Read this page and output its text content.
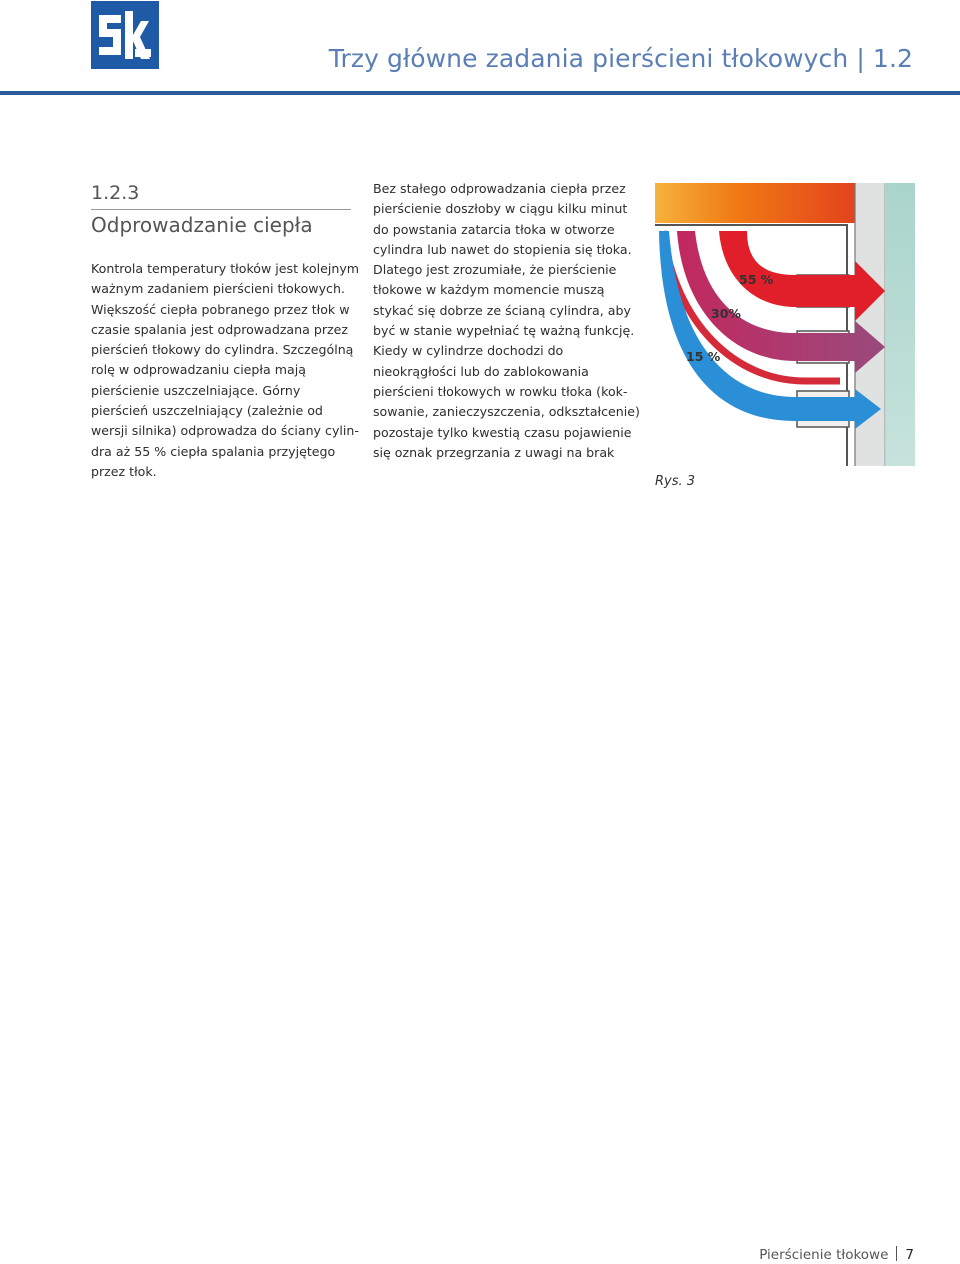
Trzy główne zadania pierścieni tłokowych | 1.2
1.2.3
Odprowadzanie ciepła
Kontrola temperatury tłoków jest kolejnym
ważnym zadaniem pierścieni tłokowych.
Większość ciepła pobranego przez tłok w
czasie spalania jest odprowadzana przez
pierścień tłokowy do cylindra. Szczególną
rolę w odprowadzaniu ciepła mają
pierścienie uszczelniające. Górny
pierścień uszczelniający (zależnie od
wersji silnika) odprowadza do ściany cylin-
dra aż 55 % ciepła spalania przyjętego
przez tłok.
Bez stałego odprowadzania ciepła przez
pierścienie doszłoby w ciągu kilku minut
do powstania zatarcia tłoka w otworze
cylindra lub nawet do stopienia się tłoka.
Dlatego jest zrozumiałe, że pierścienie
tłokowe w każdym momencie muszą
stykać się dobrze ze ścianą cylindra, aby
być w stanie wypełniać tę ważną funkcję.
Kiedy w cylindrze dochodzi do
nieokrągłości lub do zablokowania
pierścieni tłokowych w rowku tłoka (kok-
sowanie, zanieczyszczenia, odkształcenie)
pozostaje tylko kwestią czasu pojawienie
się oznak przegrzania z uwagi na brak
55 %
30%
15 %
Rys. 3
Pierścienie tłokowe 7
